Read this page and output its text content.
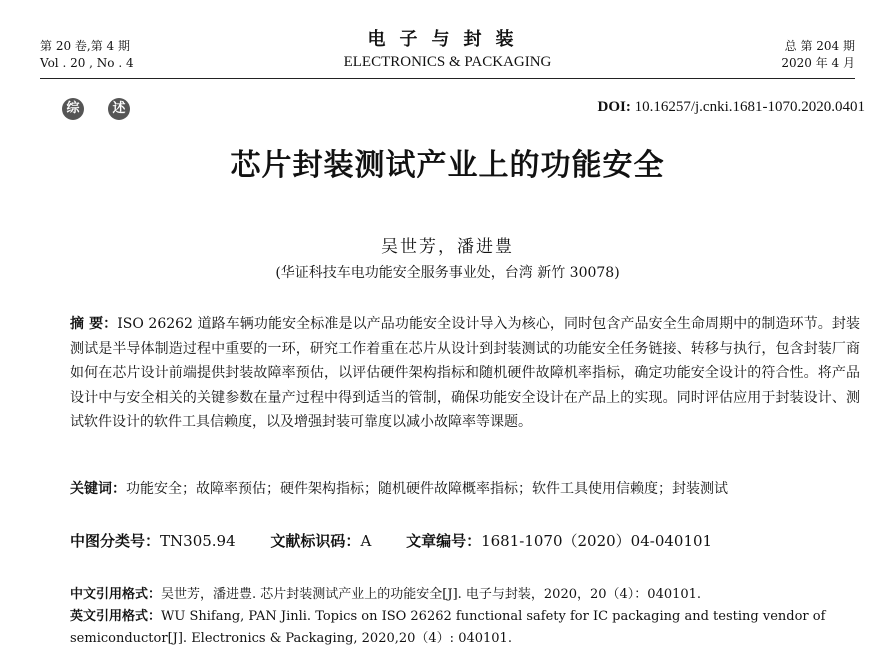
第 20 卷,第 4 期
Vol . 20 , No . 4
电子与封装
ELECTRONICS & PACKAGING
总 第 204 期
2020 年 4 月
综	述	DOI: 10.16257/j.cnki.1681-1070.2020.0401
芯片封装测试产业上的功能安全
吴世芳，潘进豊
(华证科技车电功能安全服务事业处，台湾 新竹 30078)

摘 要：ISO 26262 道路车辆功能安全标准是以产品功能安全设计导入为核心，同时包含产品安全生命周期中的制造环节。封装测试是半导体制造过程中重要的一环，研究工作着重在芯片从设计到封装测试的功能安全任务链接、转移与执行，包含封装厂商如何在芯片设计前端提供封装故障率预估，以评估硬件架构指标和随机硬件故障机率指标，确定功能安全设计的符合性。将产品设计中与安全相关的关键参数在量产过程中得到适当的管制，确保功能安全设计在产品上的实现。同时评估应用于封装设计、测试软件设计的软件工具信赖度，以及增强封装可靠度以减小故障率等课题。

关键词：功能安全；故障率预估；硬件架构指标；随机硬件故障概率指标；软件工具使用信赖度；封装测试

中图分类号：TN305.94 文献标识码：A 文章编号：1681-1070（2020）04-040101

中文引用格式：吴世芳，潘进豊. 芯片封装测试产业上的功能安全[J]. 电子与封装，2020，20（4）：040101.

英文引用格式：WU Shifang, PAN Jinli. Topics on ISO 26262 functional safety for IC packaging and testing vendor of semiconductor[J]. Electronics & Packaging, 2020,20（4）: 040101.
